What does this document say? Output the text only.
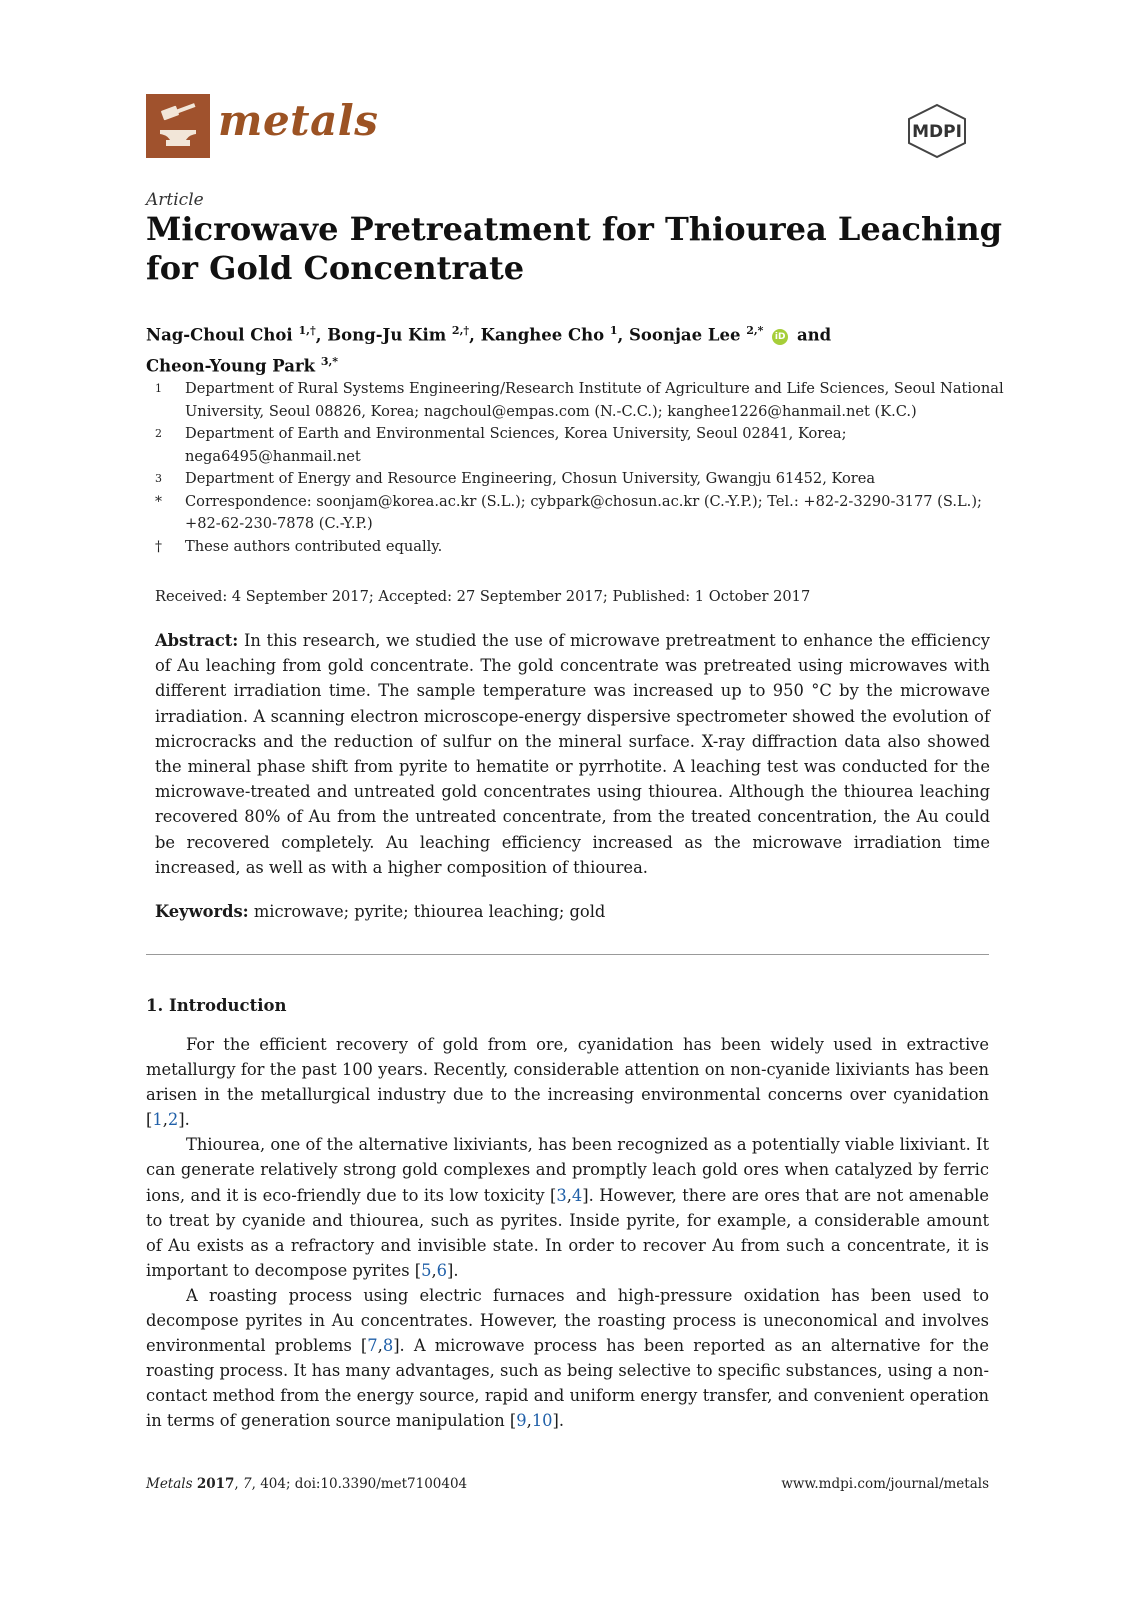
metals	MDPI
Article
Microwave Pretreatment for Thiourea Leaching for Gold Concentrate
Nag-Choul Choi $^{1,\dagger}$, Bong-Ju Kim $^{2,\dagger}$, Kanghee Cho $^1$, Soonjae Lee $^{2,*}$ iD and
Cheon-Young Park $^{3,*}$
1	Department of Rural Systems Engineering/Research Institute of Agriculture and Life Sciences, Seoul National University, Seoul 08826, Korea; nagchoul@empas.com (N.-C.C.); kanghee1226@hanmail.net (K.C.)
2	Department of Earth and Environmental Sciences, Korea University, Seoul 02841, Korea; nega6495@hanmail.net
3	Department of Energy and Resource Engineering, Chosun University, Gwangju 61452, Korea
*	Correspondence: soonjam@korea.ac.kr (S.L.); cybpark@chosun.ac.kr (C.-Y.P.); Tel.: +82-2-3290-3177 (S.L.); +82-62-230-7878 (C.-Y.P.)
†	These authors contributed equally.
Received: 4 September 2017; Accepted: 27 September 2017; Published: 1 October 2017

Abstract: In this research, we studied the use of microwave pretreatment to enhance the efficiency of Au leaching from gold concentrate. The gold concentrate was pretreated using microwaves with different irradiation time. The sample temperature was increased up to 950 °C by the microwave irradiation. A scanning electron microscope-energy dispersive spectrometer showed the evolution of microcracks and the reduction of sulfur on the mineral surface. X-ray diffraction data also showed the mineral phase shift from pyrite to hematite or pyrrhotite. A leaching test was conducted for the microwave-treated and untreated gold concentrates using thiourea. Although the thiourea leaching recovered 80% of Au from the untreated concentrate, from the treated concentration, the Au could be recovered completely. Au leaching efficiency increased as the microwave irradiation time increased, as well as with a higher composition of thiourea.

Keywords: microwave; pyrite; thiourea leaching; gold
1. Introduction

For the efficient recovery of gold from ore, cyanidation has been widely used in extractive metallurgy for the past 100 years. Recently, considerable attention on non-cyanide lixiviants has been arisen in the metallurgical industry due to the increasing environmental concerns over cyanidation [1,2].

Thiourea, one of the alternative lixiviants, has been recognized as a potentially viable lixiviant. It can generate relatively strong gold complexes and promptly leach gold ores when catalyzed by ferric ions, and it is eco-friendly due to its low toxicity [3,4]. However, there are ores that are not amenable to treat by cyanide and thiourea, such as pyrites. Inside pyrite, for example, a considerable amount of Au exists as a refractory and invisible state. In order to recover Au from such a concentrate, it is important to decompose pyrites [5,6].

A roasting process using electric furnaces and high-pressure oxidation has been used to decompose pyrites in Au concentrates. However, the roasting process is uneconomical and involves environmental problems [7,8]. A microwave process has been reported as an alternative for the roasting process. It has many advantages, such as being selective to specific substances, using a non-contact method from the energy source, rapid and uniform energy transfer, and convenient operation in terms of generation source manipulation [9,10].

Metals 2017, 7, 404; doi:10.3390/met7100404	www.mdpi.com/journal/metals
